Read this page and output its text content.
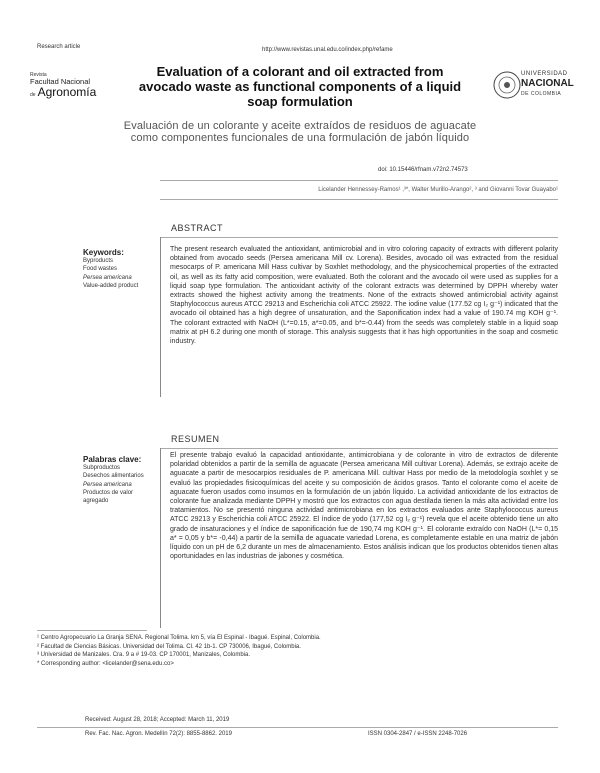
Research article	http://www.revistas.unal.edu.co/index.php/refame
Revista
Facultad Nacional
de Agronomía
UNIVERSIDAD
NACIONAL
DE COLOMBIA
Evaluation of a colorant and oil extracted from avocado waste as functional components of a liquid soap formulation
Evaluación de un colorante y aceite extraídos de residuos de aguacate como componentes funcionales de una formulación de jabón líquido
doi: 10.15446/rfnam.v72n2.74573
Licelander Hennessey-Ramos¹ ,³*, Walter Murillo-Arango², ³ and Giovanni Tovar Guayabo¹
ABSTRACT
Keywords:
Byproducts
Food wastes
Persea americana
Value-added product
The present research evaluated the antioxidant, antimicrobial and in vitro coloring capacity of extracts with different polarity obtained from avocado seeds (Persea americana Mill cv. Lorena). Besides, avocado oil was extracted from the residual mesocarps of P. americana Mill Hass cultivar by Soxhlet methodology, and the physicochemical properties of the extracted oil, as well as its fatty acid composition, were evaluated. Both the colorant and the avocado oil were used as supplies for a liquid soap type formulation. The antioxidant activity of the colorant extracts was determined by DPPH whereby water extracts showed the highest activity among the treatments. None of the extracts showed antimicrobial activity against Staphylococcus aureus ATCC 29213 and Escherichia coli ATCC 25922. The iodine value (177.52 cg I₂ g⁻¹) indicated that the avocado oil obtained has a high degree of unsaturation, and the Saponification index had a value of 190.74 mg KOH g⁻¹. The colorant extracted with NaOH (L*=0.15, a*=0.05, and b*=-0.44) from the seeds was completely stable in a liquid soap matrix at pH 6.2 during one month of storage. This analysis suggests that it has high opportunities in the soap and cosmetic industry.
RESUMEN
Palabras clave:
Subproductos
Desechos alimentarios
Persea americana
Productos de valor
agregado
El presente trabajo evaluó la capacidad antioxidante, antimicrobiana y de colorante in vitro de extractos de diferente polaridad obtenidos a partir de la semilla de aguacate (Persea americana Mill cultivar Lorena). Además, se extrajo aceite de aguacate a partir de mesocarpios residuales de P. americana Mill. cultivar Hass por medio de la metodología soxhlet y se evaluó las propiedades fisicoquímicas del aceite y su composición de ácidos grasos. Tanto el colorante como el aceite de aguacate fueron usados como insumos en la formulación de un jabón líquido. La actividad antioxidante de los extractos de colorante fue analizada mediante DPPH y mostró que los extractos con agua destilada tienen la más alta actividad entre los tratamientos. No se presentó ninguna actividad antimicrobiana en los extractos evaluados ante Staphylococcus aureus ATCC 29213 y Escherichia coli ATCC 25922. El índice de yodo (177,52 cg I₂ g⁻¹) revela que el aceite obtenido tiene un alto grado de insaturaciones y el índice de saponificación fue de 190,74 mg KOH g⁻¹. El colorante extraído con NaOH (L*= 0,15 a* = 0,05 y b*= -0,44) a partir de la semilla de aguacate variedad Lorena, es completamente estable en una matriz de jabón líquido con un pH de 6,2 durante un mes de almacenamiento. Estos análisis indican que los productos obtenidos tienen altas oportunidades en las industrias de jabones y cosmética.
¹ Centro Agropecuario La Granja SENA. Regional Tolima. km 5, vía El Espinal - Ibagué. Espinal, Colombia.
² Facultad de Ciencias Básicas. Universidad del Tolima. Cl. 42 1b-1. CP 730006, Ibagué, Colombia.
³ Universidad de Manizales. Cra. 9 a # 19-03. CP 170001, Manizales, Colombia.
* Corresponding author: <licelander@sena.edu.co>
Received: August 28, 2018; Accepted: March 11, 2019
Rev. Fac. Nac. Agron. Medellín 72(2): 8855-8862. 2019	ISSN 0304-2847 / e-ISSN 2248-7026
